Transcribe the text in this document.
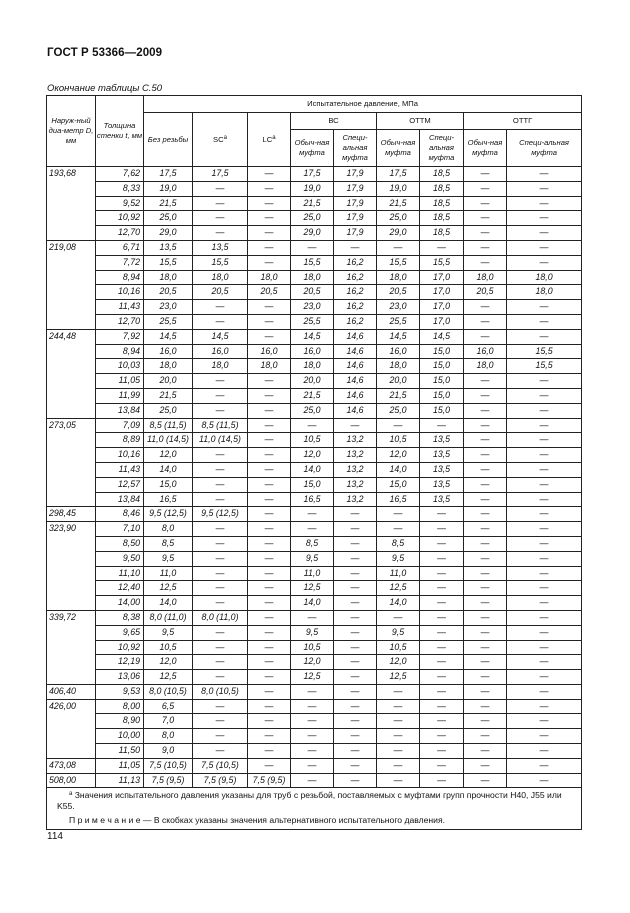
ГОСТ Р 53366—2009
Окончание таблицы С.50
Наруж-ный диа-метр D, мм	Толщина стенки t, мм	Испытательное давление, МПа								
		Без резьбы	$SC^a$	$LC^a$	ВС		ОТТМ		ОТТГ	
					Обыч-ная муфта	Специ-альная муфта	Обыч-ная муфта	Специ-альная муфта	Обыч-ная муфта	Специ-альная муфта
193,68	7,62	17,5	17,5	—	17,5	17,9	17,5	18,5	—	—
	8,33	19,0	—	—	19,0	17,9	19,0	18,5	—	—
	9,52	21,5	—	—	21,5	17,9	21,5	18,5	—	—
	10,92	25,0	—	—	25,0	17,9	25,0	18,5	—	—
	12,70	29,0	—	—	29,0	17,9	29,0	18,5	—	—
219,08	6,71	13,5	13,5	—	—	—	—	—	—	—
	7,72	15,5	15,5	—	15,5	16,2	15,5	15,5	—	—
	8,94	18,0	18,0	18,0	18,0	16,2	18,0	17,0	18,0	18,0
	10,16	20,5	20,5	20,5	20,5	16,2	20,5	17,0	20,5	18,0
	11,43	23,0	—	—	23,0	16,2	23,0	17,0	—	—
	12,70	25,5	—	—	25,5	16,2	25,5	17,0	—	—
244,48	7,92	14,5	14,5	—	14,5	14,6	14,5	14,5	—	—
	8,94	16,0	16,0	16,0	16,0	14,6	16,0	15,0	16,0	15,5
	10,03	18,0	18,0	18,0	18,0	14,6	18,0	15,0	18,0	15,5
	11,05	20,0	—	—	20,0	14,6	20,0	15,0	—	—
	11,99	21,5	—	—	21,5	14,6	21,5	15,0	—	—
	13,84	25,0	—	—	25,0	14,6	25,0	15,0	—	—
273,05	7,09	8,5 (11,5)	8,5 (11,5)	—	—	—	—	—	—	—
	8,89	11,0 (14,5)	11,0 (14,5)	—	10,5	13,2	10,5	13,5	—	—
	10,16	12,0	—	—	12,0	13,2	12,0	13,5	—	—
	11,43	14,0	—	—	14,0	13,2	14,0	13,5	—	—
	12,57	15,0	—	—	15,0	13,2	15,0	13,5	—	—
	13,84	16,5	—	—	16,5	13,2	16,5	13,5	—	—
298,45	8,46	9,5 (12,5)	9,5 (12,5)	—	—	—	—	—	—	—
323,90	7,10	8,0	—	—	—	—	—	—	—	—
	8,50	8,5	—	—	8,5	—	8,5	—	—	—
	9,50	9,5	—	—	9,5	—	9,5	—	—	—
	11,10	11,0	—	—	11,0	—	11,0	—	—	—
	12,40	12,5	—	—	12,5	—	12,5	—	—	—
	14,00	14,0	—	—	14,0	—	14,0	—	—	—
339,72	8,38	8,0 (11,0)	8,0 (11,0)	—	—	—	—	—	—	—
	9,65	9,5	—	—	9,5	—	9,5	—	—	—
	10,92	10,5	—	—	10,5	—	10,5	—	—	—
	12,19	12,0	—	—	12,0	—	12,0	—	—	—
	13,06	12,5	—	—	12,5	—	12,5	—	—	—
406,40	9,53	8,0 (10,5)	8,0 (10,5)	—	—	—	—	—	—	—
426,00	8,00	6,5	—	—	—	—	—	—	—	—
	8,90	7,0	—	—	—	—	—	—	—	—
	10,00	8,0	—	—	—	—	—	—	—	—
	11,50	9,0	—	—	—	—	—	—	—	—
473,08	11,05	7,5 (10,5)	7,5 (10,5)	—	—	—	—	—	—	—
508,00	11,13	7,5 (9,5)	7,5 (9,5)	7,5 (9,5)	—	—	—	—	—	—

$^a$ Значения испытательного давления указаны для труб с резьбой, поставляемых с муфтами групп прочности H40, J55 или K55.
П р и м е ч а н и е — В скобках указаны значения альтернативного испытательного давления.										
114
